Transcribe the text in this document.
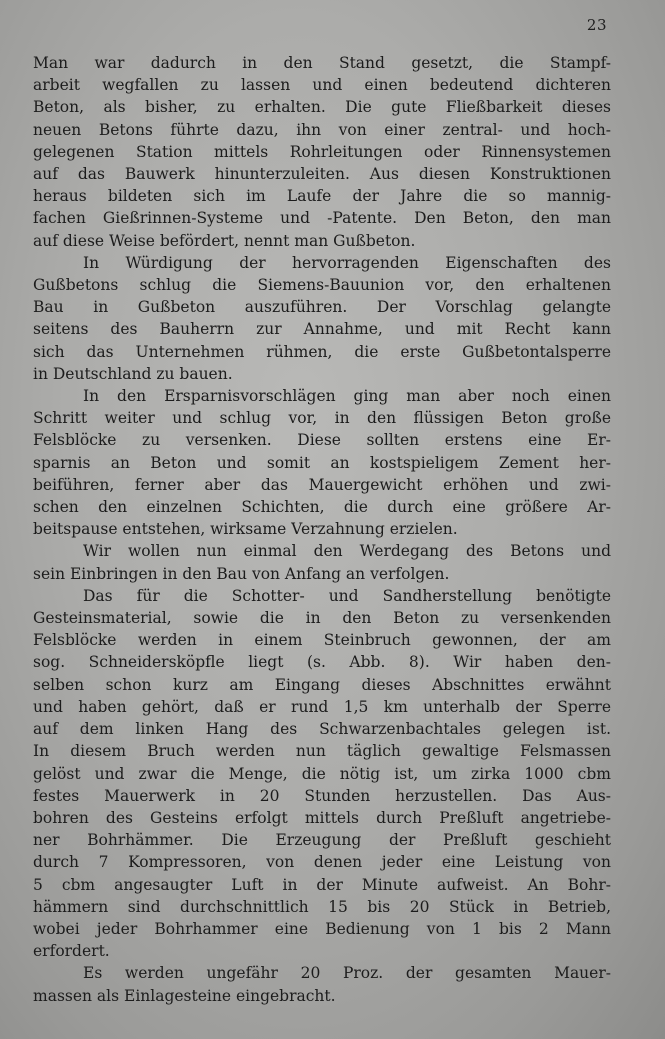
23

Man war dadurch in den Stand gesetzt, die Stampf-
arbeit wegfallen zu lassen und einen bedeutend dichteren
Beton, als bisher, zu erhalten. Die gute Fließbarkeit dieses
neuen Betons führte dazu, ihn von einer zentral- und hoch-
gelegenen Station mittels Rohrleitungen oder Rinnensystemen
auf das Bauwerk hinunterzuleiten. Aus diesen Konstruktionen
heraus bildeten sich im Laufe der Jahre die so mannig-
fachen Gießrinnen-Systeme und -Patente. Den Beton, den man
auf diese Weise befördert, nennt man Gußbeton.

In Würdigung der hervorragenden Eigenschaften des
Gußbetons schlug die Siemens-Bauunion vor, den erhaltenen
Bau in Gußbeton auszuführen. Der Vorschlag gelangte
seitens des Bauherrn zur Annahme, und mit Recht kann
sich das Unternehmen rühmen, die erste Gußbetontalsperre
in Deutschland zu bauen.

In den Ersparnisvorschlägen ging man aber noch einen
Schritt weiter und schlug vor, in den flüssigen Beton große
Felsblöcke zu versenken. Diese sollten erstens eine Er-
sparnis an Beton und somit an kostspieligem Zement her-
beiführen, ferner aber das Mauergewicht erhöhen und zwi-
schen den einzelnen Schichten, die durch eine größere Ar-
beitspause entstehen, wirksame Verzahnung erzielen.

Wir wollen nun einmal den Werdegang des Betons und
sein Einbringen in den Bau von Anfang an verfolgen.

Das für die Schotter- und Sandherstellung benötigte
Gesteinsmaterial, sowie die in den Beton zu versenkenden
Felsblöcke werden in einem Steinbruch gewonnen, der am
sog. Schneidersköpfle liegt (s. Abb. 8). Wir haben den-
selben schon kurz am Eingang dieses Abschnittes erwähnt
und haben gehört, daß er rund 1,5 km unterhalb der Sperre
auf dem linken Hang des Schwarzenbachtales gelegen ist.
In diesem Bruch werden nun täglich gewaltige Felsmassen
gelöst und zwar die Menge, die nötig ist, um zirka 1000 cbm
festes Mauerwerk in 20 Stunden herzustellen. Das Aus-
bohren des Gesteins erfolgt mittels durch Preßluft angetriebe-
ner Bohrhämmer. Die Erzeugung der Preßluft geschieht
durch 7 Kompressoren, von denen jeder eine Leistung von
5 cbm angesaugter Luft in der Minute aufweist. An Bohr-
hämmern sind durchschnittlich 15 bis 20 Stück in Betrieb,
wobei jeder Bohrhammer eine Bedienung von 1 bis 2 Mann
erfordert.

Es werden ungefähr 20 Proz. der gesamten Mauer-
massen als Einlagesteine eingebracht.
